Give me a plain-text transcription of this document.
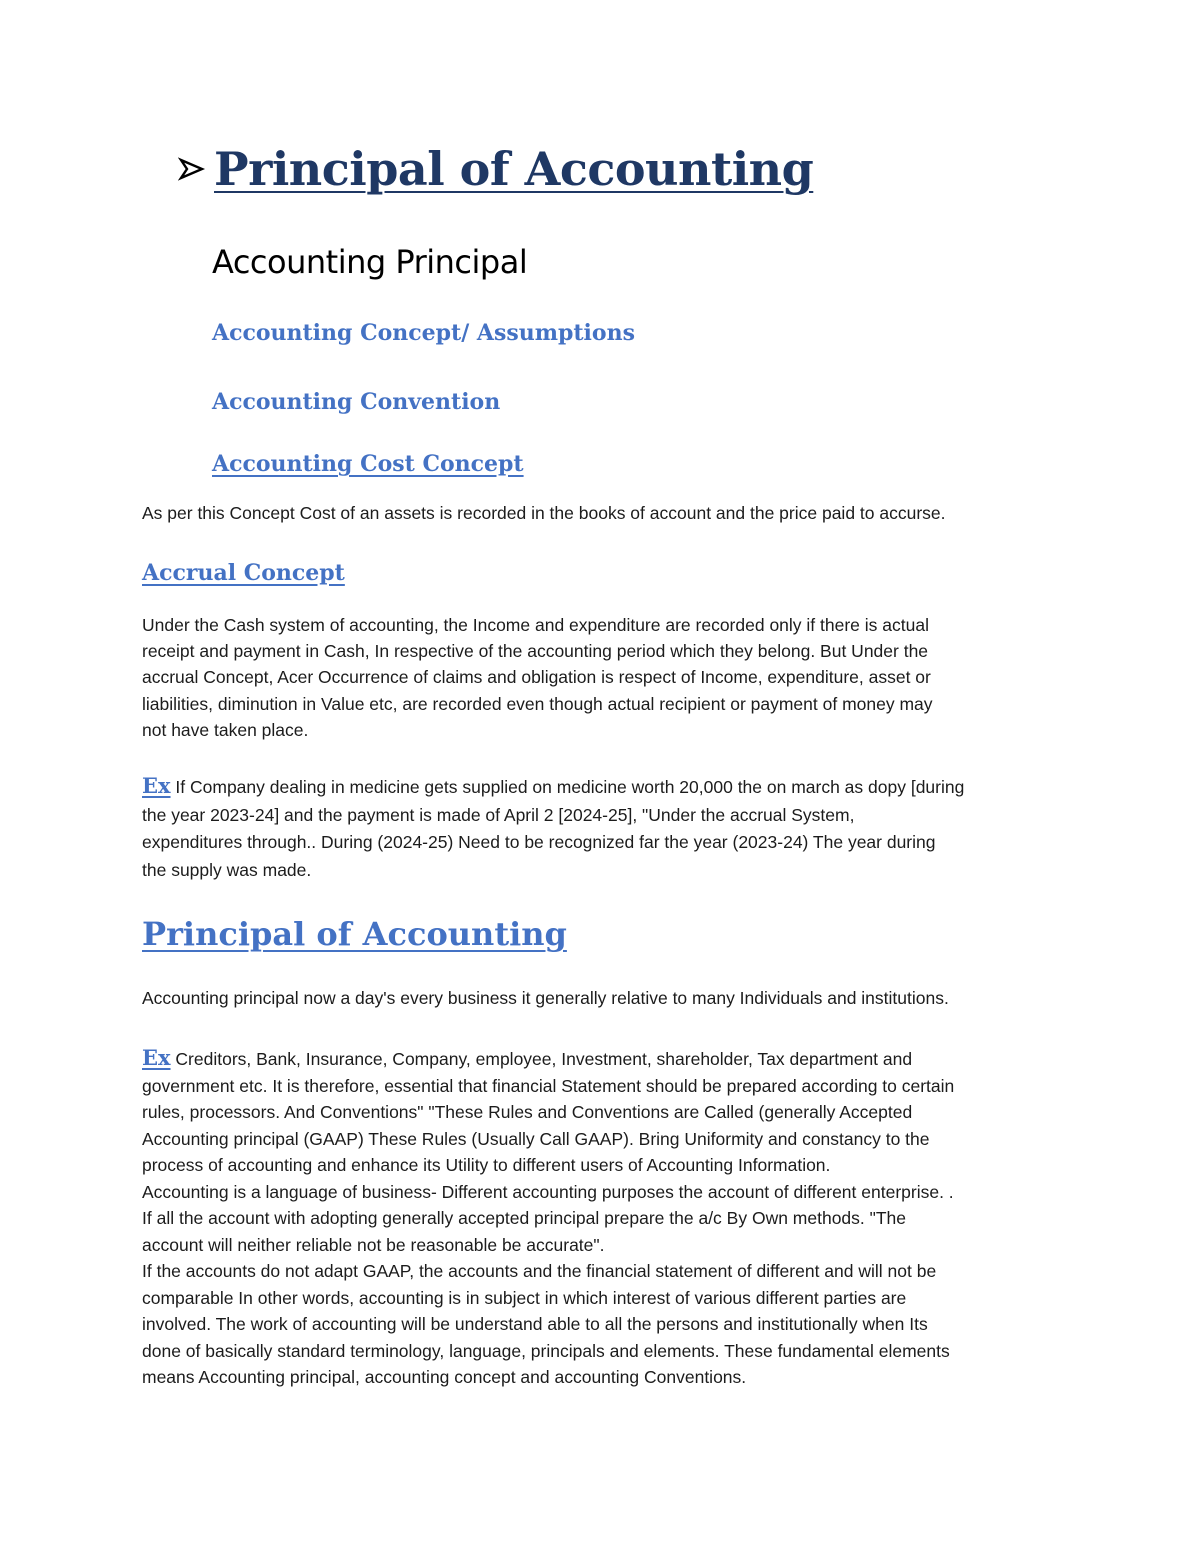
Principal of Accounting
Accounting Principal
Accounting Concept/ Assumptions
Accounting Convention
Accounting Cost Concept
As per this Concept Cost of an assets is recorded in the books of account and the price paid to accurse.
Accrual Concept
Under the Cash system of accounting, the Income and expenditure are recorded only if there is actual
receipt and payment in Cash, In respective of the accounting period which they belong. But Under the
accrual Concept, Acer Occurrence of claims and obligation is respect of Income, expenditure, asset or
liabilities, diminution in Value etc, are recorded even though actual recipient or payment of money may
not have taken place.
Ex If Company dealing in medicine gets supplied on medicine worth 20,000 the on march as dopy [during
the year 2023-24] and the payment is made of April 2 [2024-25], "Under the accrual System,
expenditures through.. During (2024-25) Need to be recognized far the year (2023-24) The year during
the supply was made.
Principal of Accounting
Accounting principal now a day's every business it generally relative to many Individuals and institutions.
Ex Creditors, Bank, Insurance, Company, employee, Investment, shareholder, Tax department and
government etc. It is therefore, essential that financial Statement should be prepared according to certain
rules, processors. And Conventions" "These Rules and Conventions are Called (generally Accepted
Accounting principal (GAAP) These Rules (Usually Call GAAP). Bring Uniformity and constancy to the
process of accounting and enhance its Utility to different users of Accounting Information.
Accounting is a language of business- Different accounting purposes the account of different enterprise. .
If all the account with adopting generally accepted principal prepare the a/c By Own methods. "The
account will neither reliable not be reasonable be accurate".
If the accounts do not adapt GAAP, the accounts and the financial statement of different and will not be
comparable In other words, accounting is in subject in which interest of various different parties are
involved. The work of accounting will be understand able to all the persons and institutionally when Its
done of basically standard terminology, language, principals and elements. These fundamental elements
means Accounting principal, accounting concept and accounting Conventions.
